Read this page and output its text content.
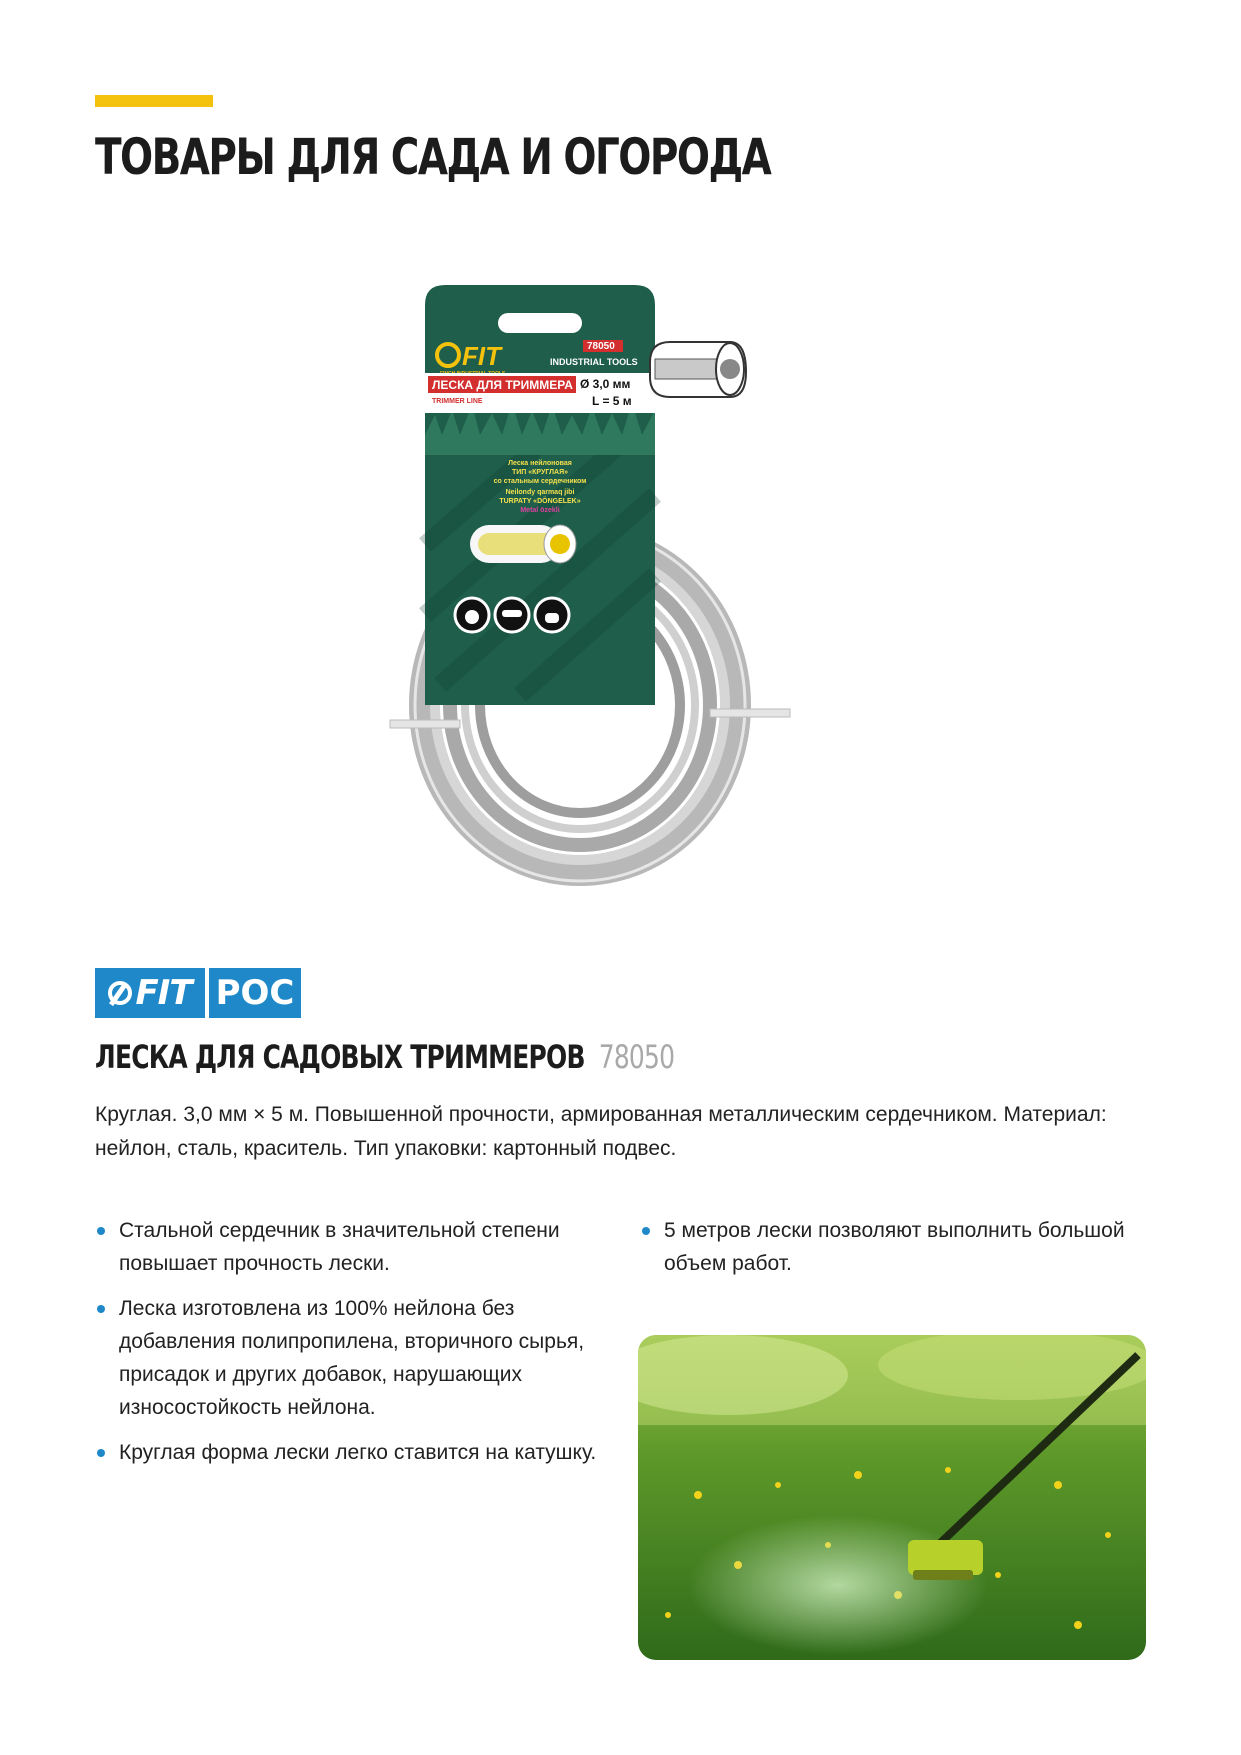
ТОВАРЫ ДЛЯ САДА И ОГОРОДА
FIT	78050
INDUSTRIAL TOOLS
ЛЕСКА ДЛЯ ТРИММЕРА
TRIMMER LINE
Ø 3,0 мм
L = 5 м
Леска нейлоновая
ТИП «КРУГЛАЯ»
со стальным сердечником
Neilondy qarmaq jibi
TURPATY «DÖNGELEK»
Metal özekli
FIT РОС
ЛЕСКА ДЛЯ САДОВЫХ ТРИММЕРОВ 78050

Круглая. 3,0 мм × 5 м. Повышенной прочности, армированная металлическим сердечником. Материал: нейлон, сталь, краситель. Тип упаковки: картонный подвес.

Стальной сердечник в значительной степени повышает прочность лески.
Леска изготовлена из 100% нейлона без добавления полипропилена, вторичного сырья, присадок и других добавок, нарушающих износостойкость нейлона.
Круглая форма лески легко ставится на катушку.
5 метров лески позволяют выполнить большой объем работ.
